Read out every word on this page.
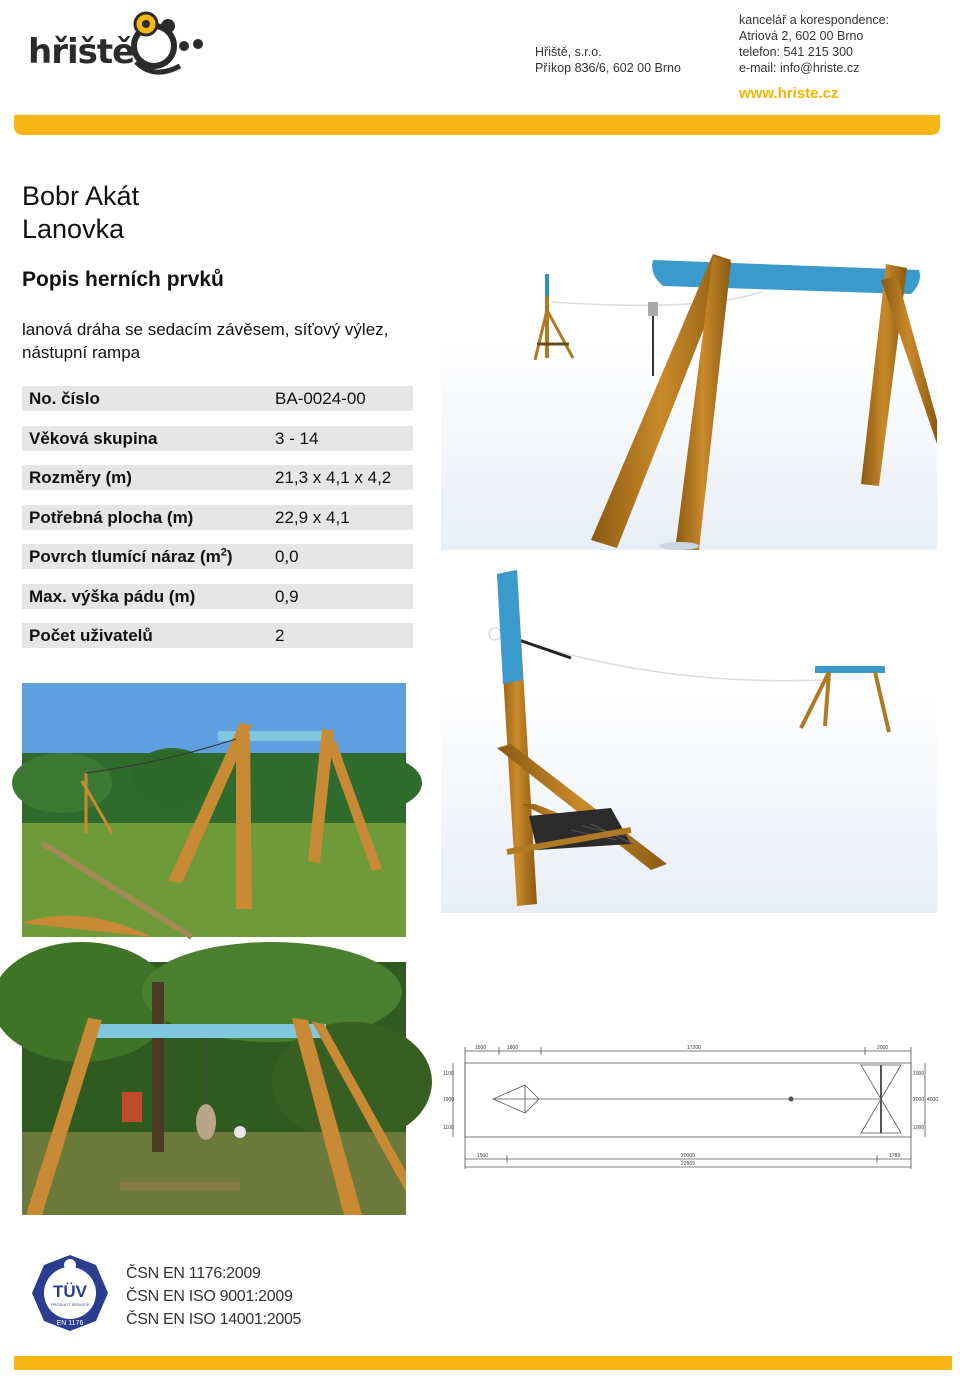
hřiště	Hřiště, s.r.o.
Příkop 836/6, 602 00 Brno
kancelář a korespondence:
Atriová 2, 602 00 Brno
telefon: 541 215 300
e-mail: info@hriste.cz
www.hriste.cz
Bobr Akát
Lanovka
Popis herních prvků
lanová dráha se sedacím závěsem, síťový výlez, nástupní rampa
No. číslo	BA-0024-00
Věková skupina	3 - 14
Rozměry (m)	21,3 x 4,1 x 4,2
Potřebná plocha (m)	22,9 x 4,1
Povrch tlumící náraz $(m^2)$ 0,0
Max. výška pádu (m)	0,9
Počet uživatelů	2
1500	1800	17200	2000
1500	20000	1789
22869
1100
1900
1100
1000
2000
1000
4000
TÜV
PRODUCT SERVICE
EN 1176
ČSN EN 1176:2009
ČSN EN ISO 9001:2009
ČSN EN ISO 14001:2005
